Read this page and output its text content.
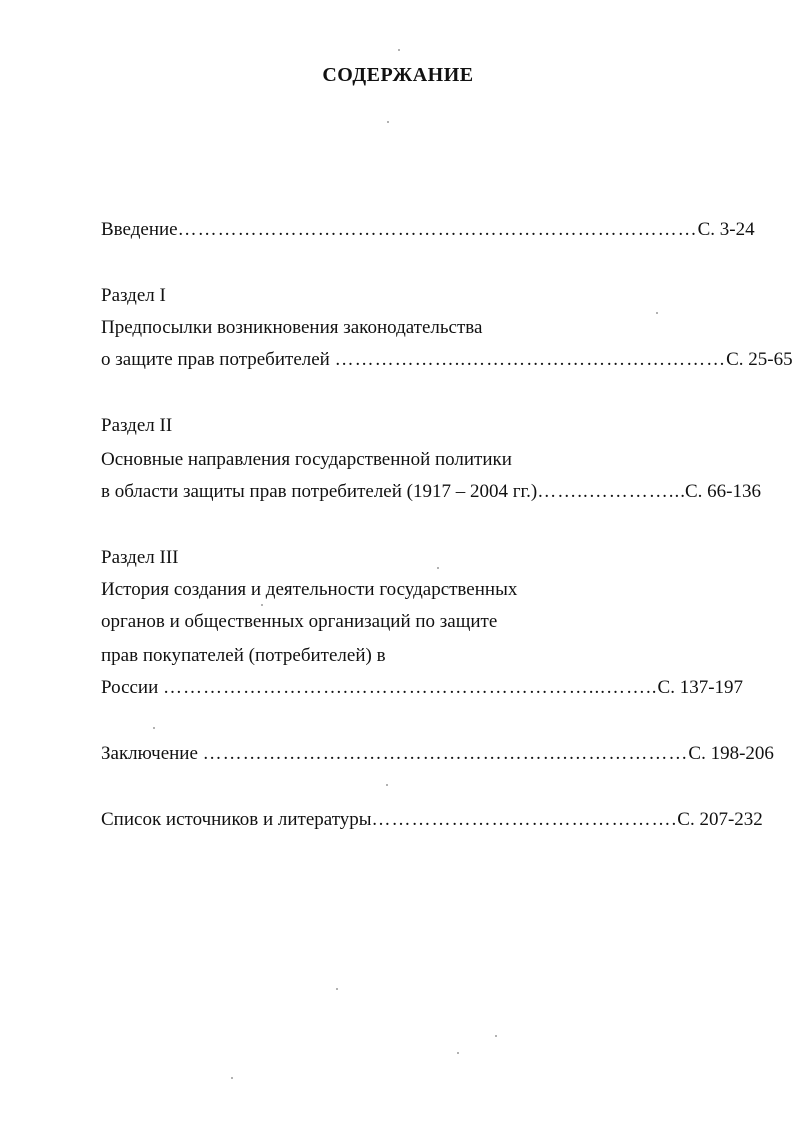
СОДЕРЖАНИЕ
Введение……………………………………………………………………С. 3-24
Раздел I
Предпосылки возникновения законодательства
о защите прав потребителей ………………..…………………………………С. 25-65
Раздел II
Основные направления государственной политики
в области защиты прав потребителей (1917 – 2004 гг.)……..…………...С. 66-136
Раздел III
История создания и деятельности государственных
органов и общественных организаций по защите
прав покупателей (потребителей) в
России ……………………….………………………………...……..С. 137-197
Заключение ……………………………………………….………………С. 198-206
Список источников и литературы……………………………………….С. 207-232
